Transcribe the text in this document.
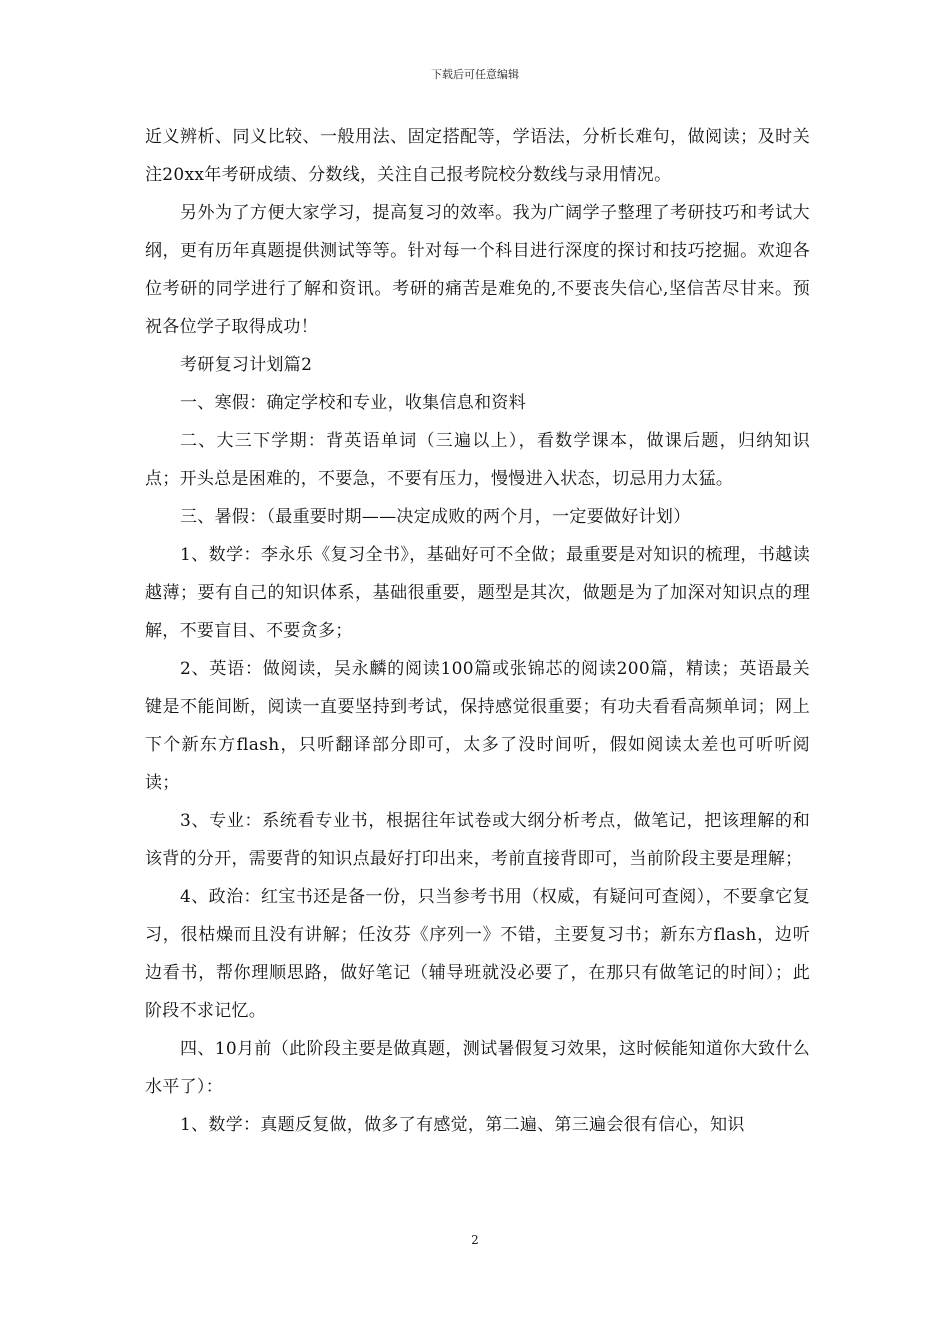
下载后可任意编辑

近义辨析、同义比较、一般用法、固定搭配等，学语法，分析长难句，做阅读；及时关注20xx年考研成绩、分数线，关注自己报考院校分数线与录用情况。

另外为了方便大家学习，提高复习的效率。我为广阔学子整理了考研技巧和考试大纲，更有历年真题提供测试等等。针对每一个科目进行深度的探讨和技巧挖掘。欢迎各位考研的同学进行了解和资讯。考研的痛苦是难免的,不要丧失信心,坚信苦尽甘来。预祝各位学子取得成功！

考研复习计划篇2

一、寒假：确定学校和专业，收集信息和资料

二、大三下学期：背英语单词（三遍以上），看数学课本，做课后题，归纳知识点；开头总是困难的，不要急，不要有压力，慢慢进入状态，切忌用力太猛。

三、暑假：（最重要时期——决定成败的两个月，一定要做好计划）

1、数学：李永乐《复习全书》，基础好可不全做；最重要是对知识的梳理，书越读越薄；要有自己的知识体系，基础很重要，题型是其次，做题是为了加深对知识点的理解，不要盲目、不要贪多；

2、英语：做阅读，吴永麟的阅读100篇或张锦芯的阅读200篇，精读；英语最关键是不能间断，阅读一直要坚持到考试，保持感觉很重要；有功夫看看高频单词；网上下个新东方flash，只听翻译部分即可，太多了没时间听，假如阅读太差也可听听阅读；

3、专业：系统看专业书，根据往年试卷或大纲分析考点，做笔记，把该理解的和该背的分开，需要背的知识点最好打印出来，考前直接背即可，当前阶段主要是理解；

4、政治：红宝书还是备一份，只当参考书用（权威，有疑问可查阅），不要拿它复习，很枯燥而且没有讲解；任汝芬《序列一》不错，主要复习书；新东方flash，边听边看书，帮你理顺思路，做好笔记（辅导班就没必要了，在那只有做笔记的时间）；此阶段不求记忆。

四、10月前（此阶段主要是做真题，测试暑假复习效果，这时候能知道你大致什么水平了）：

1、数学：真题反复做，做多了有感觉，第二遍、第三遍会很有信心，知识

2
